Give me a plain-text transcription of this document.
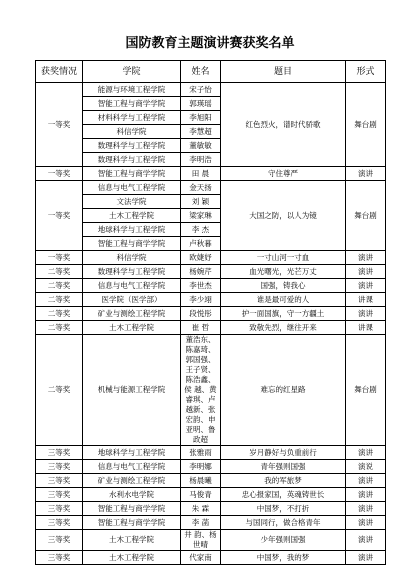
国防教育主题演讲赛获奖名单
获奖情况	学院	姓名	题目	形式
一等奖	能源与环境工程学院	宋子怡	红色烈火，谱时代骄歌	舞台剧
	智能工程与商学学院	郭瑛瑶		
	材料科学与工程学院	李旭阳		
	科信学院	李慧超		
	数理科学与工程学院	董敏敏		
	数理科学与工程学院	李明浩		
一等奖	智能工程与商学学院	田 晨	守住尊严	演讲
一等奖	信息与电气工程学院	金天扬	大国之防，以人为镜	舞台剧
	文法学院	刘 颖		
	土木工程学院	梁家琳		
	地球科学与工程学院	李 杰		
	智能工程与商学学院	卢秋暮		
一等奖	科信学院	欧婕妤	一寸山河一寸血	演讲
二等奖	数理科学与工程学院	杨婉芹	血光曙光，光芒万丈	演讲
二等奖	信息与电气工程学院	李世杰	国强，铸我心	演讲
二等奖	医学院（医学部）	李少翊	谁是最可爱的人	讲课
二等奖	矿业与测绘工程学院	段悦彤	护一面国旗，守一方疆土	演讲
二等奖	土木工程学院	崔 哲	致敬先烈，继往开来	讲课
二等奖	机械与能源工程学院	董浩东、陈嘉琦、郭国强、王子贤、陈浩鑫、侯 越、黄睿琪、卢越新、张宏韵、申亚明、鲁政超	难忘的红星路	舞台剧
三等奖	地球科学与工程学院	张雅雨	岁月静好与负重前行	演讲
三等奖	信息与电气工程学院	李明娜	青年强则国强	演说
三等奖	矿业与测绘工程学院	杨晨曦	我的军旅梦	演讲
三等奖	水利水电学院	马俊青	忠心报家国，英魂铸世长	演讲
三等奖	智能工程与商学学院	朱 霖	中国梦，不打折	演讲
三等奖	智能工程与商学学院	李 菡	与国同行，做合格青年	演讲
三等奖	土木工程学院	井 韵、杨世晴	少年强则国强	演讲
三等奖	土木工程学院	代家南	中国梦，我的梦	演讲
